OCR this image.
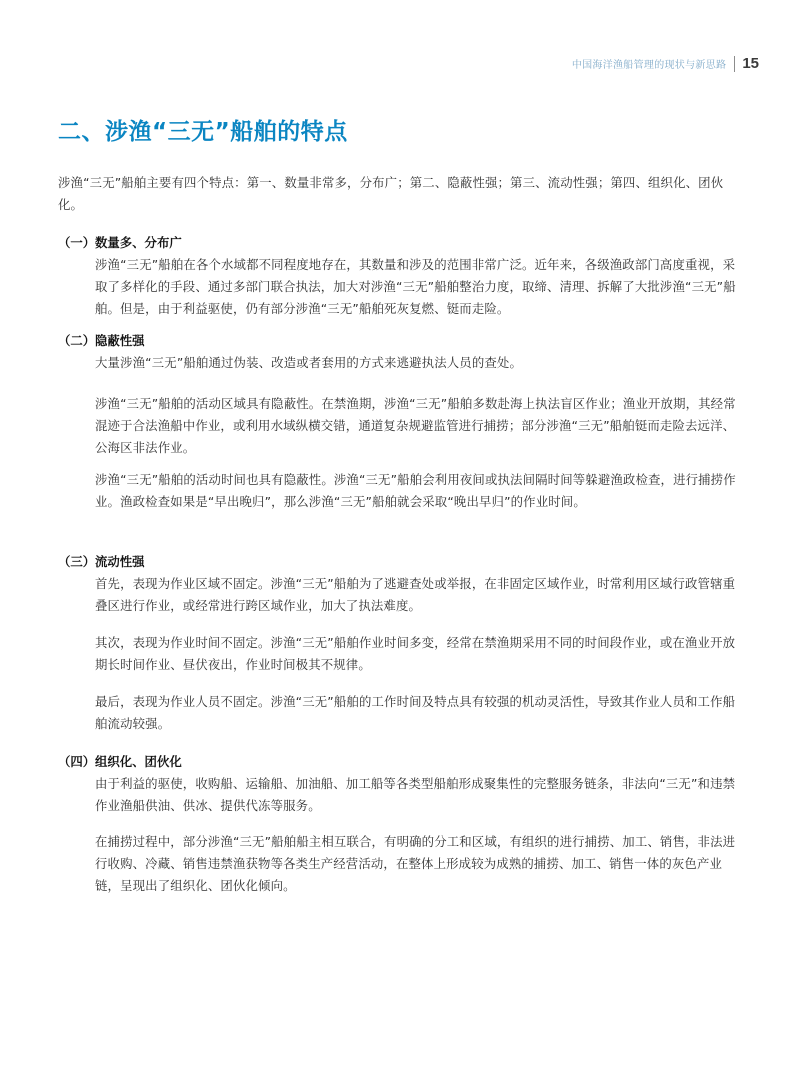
中国海洋渔船管理的现状与新思路 15
二、涉渔“三无”船舶的特点

涉渔“三无”船舶主要有四个特点：第一、数量非常多，分布广；第二、隐蔽性强；第三、流动性强；第四、组织化、团伙化。

（一）数量多、分布广

涉渔“三无”船舶在各个水域都不同程度地存在，其数量和涉及的范围非常广泛。近年来，各级渔政部门高度重视，采取了多样化的手段、通过多部门联合执法，加大对涉渔“三无”船舶整治力度，取缔、清理、拆解了大批涉渔“三无”船舶。但是，由于利益驱使，仍有部分涉渔“三无”船舶死灰复燃、铤而走险。

（二）隐蔽性强

大量涉渔“三无”船舶通过伪装、改造或者套用的方式来逃避执法人员的查处。

涉渔“三无”船舶的活动区域具有隐蔽性。在禁渔期，涉渔“三无”船舶多数赴海上执法盲区作业；渔业开放期，其经常混迹于合法渔船中作业，或利用水域纵横交错，通道复杂规避监管进行捕捞；部分涉渔“三无”船舶铤而走险去远洋、公海区非法作业。

涉渔“三无”船舶的活动时间也具有隐蔽性。涉渔“三无”船舶会利用夜间或执法间隔时间等躲避渔政检查，进行捕捞作业。渔政检查如果是“早出晚归”，那么涉渔“三无”船舶就会采取“晚出早归”的作业时间。

（三）流动性强

首先，表现为作业区域不固定。涉渔“三无”船舶为了逃避查处或举报，在非固定区域作业，时常利用区域行政管辖重叠区进行作业，或经常进行跨区域作业，加大了执法难度。

其次，表现为作业时间不固定。涉渔“三无”船舶作业时间多变，经常在禁渔期采用不同的时间段作业，或在渔业开放期长时间作业、昼伏夜出，作业时间极其不规律。

最后，表现为作业人员不固定。涉渔“三无”船舶的工作时间及特点具有较强的机动灵活性，导致其作业人员和工作船舶流动较强。

（四）组织化、团伙化

由于利益的驱使，收购船、运输船、加油船、加工船等各类型船舶形成聚集性的完整服务链条，非法向“三无”和违禁作业渔船供油、供冰、提供代冻等服务。

在捕捞过程中，部分涉渔“三无”船舶船主相互联合，有明确的分工和区域，有组织的进行捕捞、加工、销售，非法进行收购、冷藏、销售违禁渔获物等各类生产经营活动，在整体上形成较为成熟的捕捞、加工、销售一体的灰色产业链，呈现出了组织化、团伙化倾向。
